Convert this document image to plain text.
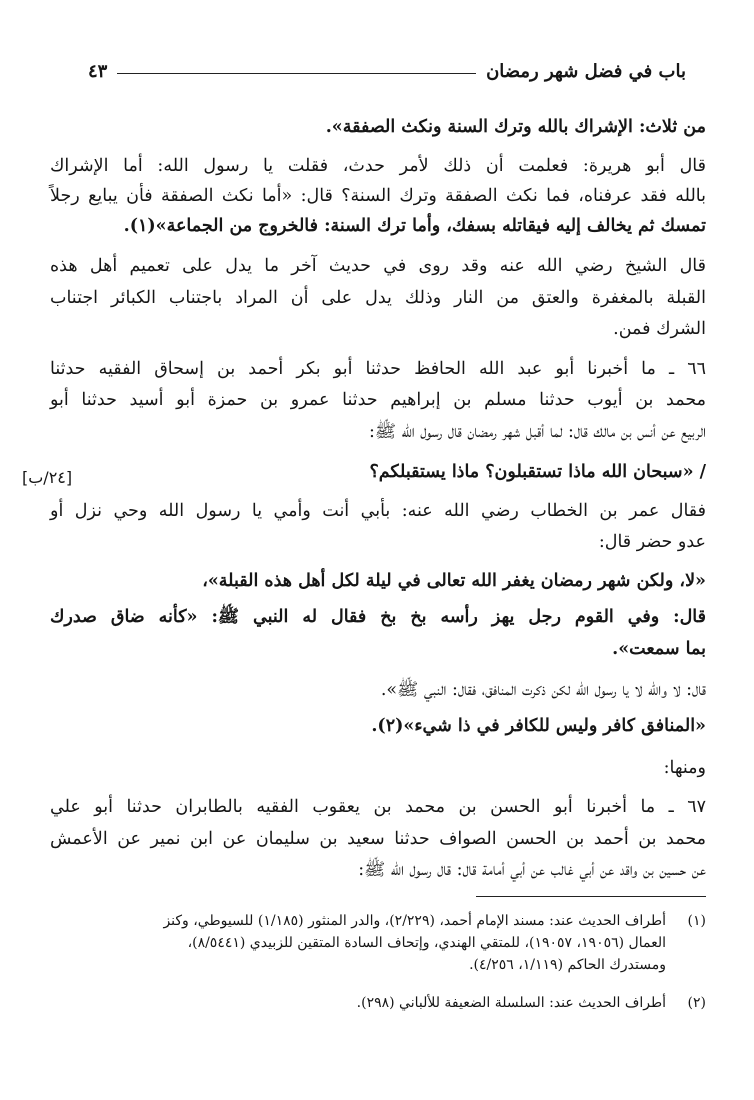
باب في فضل شهر رمضان
٤٣
من ثلاث: الإشراك بالله وترك السنة ونكث الصفقة».
قال أبو هريرة: فعلمت أن ذلك لأمر حدث، فقلت يا رسول الله: أما الإشراك
بالله فقد عرفناه، فما نكث الصفقة وترك السنة؟ قال: «أما نكث الصفقة فأن يبايع رجلاً
تمسك ثم يخالف إليه فيقاتله بسفك، وأما ترك السنة: فالخروج من الجماعة»(١).
قال الشيخ رضي الله عنه وقد روى في حديث آخر ما يدل على تعميم أهل هذه
القبلة بالمغفرة والعتق من النار وذلك يدل على أن المراد باجتناب الكبائر اجتناب
الشرك فمن.
٦٦ ـ ما أخبرنا أبو عبد الله الحافظ حدثنا أبو بكر أحمد بن إسحاق الفقيه حدثنا
محمد بن أيوب حدثنا مسلم بن إبراهيم حدثنا عمرو بن حمزة أبو أسيد حدثنا أبو
الربيع عن أنس بن مالك قال: لما أقبل شهر رمضان قال رسول الله ﷺ:
/ «سبحان الله ماذا تستقبلون؟ ماذا يستقبلكم؟
فقال عمر بن الخطاب رضي الله عنه: بأبي أنت وأمي يا رسول الله وحي نزل أو
عدو حضر قال:
«لا، ولكن شهر رمضان يغفر الله تعالى في ليلة لكل أهل هذه القبلة»،
قال: وفي القوم رجل يهز رأسه بخ بخ فقال له النبي ﷺ: «كأنه ضاق صدرك
بما سمعت».
قال: لا والله لا يا رسول الله لكن ذكرت المنافق، فقال: النبي ﷺ».
«المنافق كافر وليس للكافر في ذا شيء»(٢).
ومنها:
٦٧ ـ ما أخبرنا أبو الحسن بن محمد بن يعقوب الفقيه بالطابران حدثنا أبو علي
محمد بن أحمد بن الحسن الصواف حدثنا سعيد بن سليمان عن ابن نمير عن الأعمش
عن حسين بن واقد عن أبي غالب عن أبي أمامة قال: قال رسول الله ﷺ:
[٢٤/ب]
(١)أطراف الحديث عند: مسند الإمام أحمد، (٢/٢٢٩)، والدر المنثور (١/١٨٥) للسيوطي، وكنز
العمال (١٩٠٥٦، ١٩٠٥٧)، للمتقي الهندي، وإتحاف السادة المتقين للزبيدي (٨/٥٤٤١)،
ومستدرك الحاكم (١/١١٩، ٤/٢٥٦).
(٢)أطراف الحديث عند: السلسلة الضعيفة للألباني (٢٩٨).
